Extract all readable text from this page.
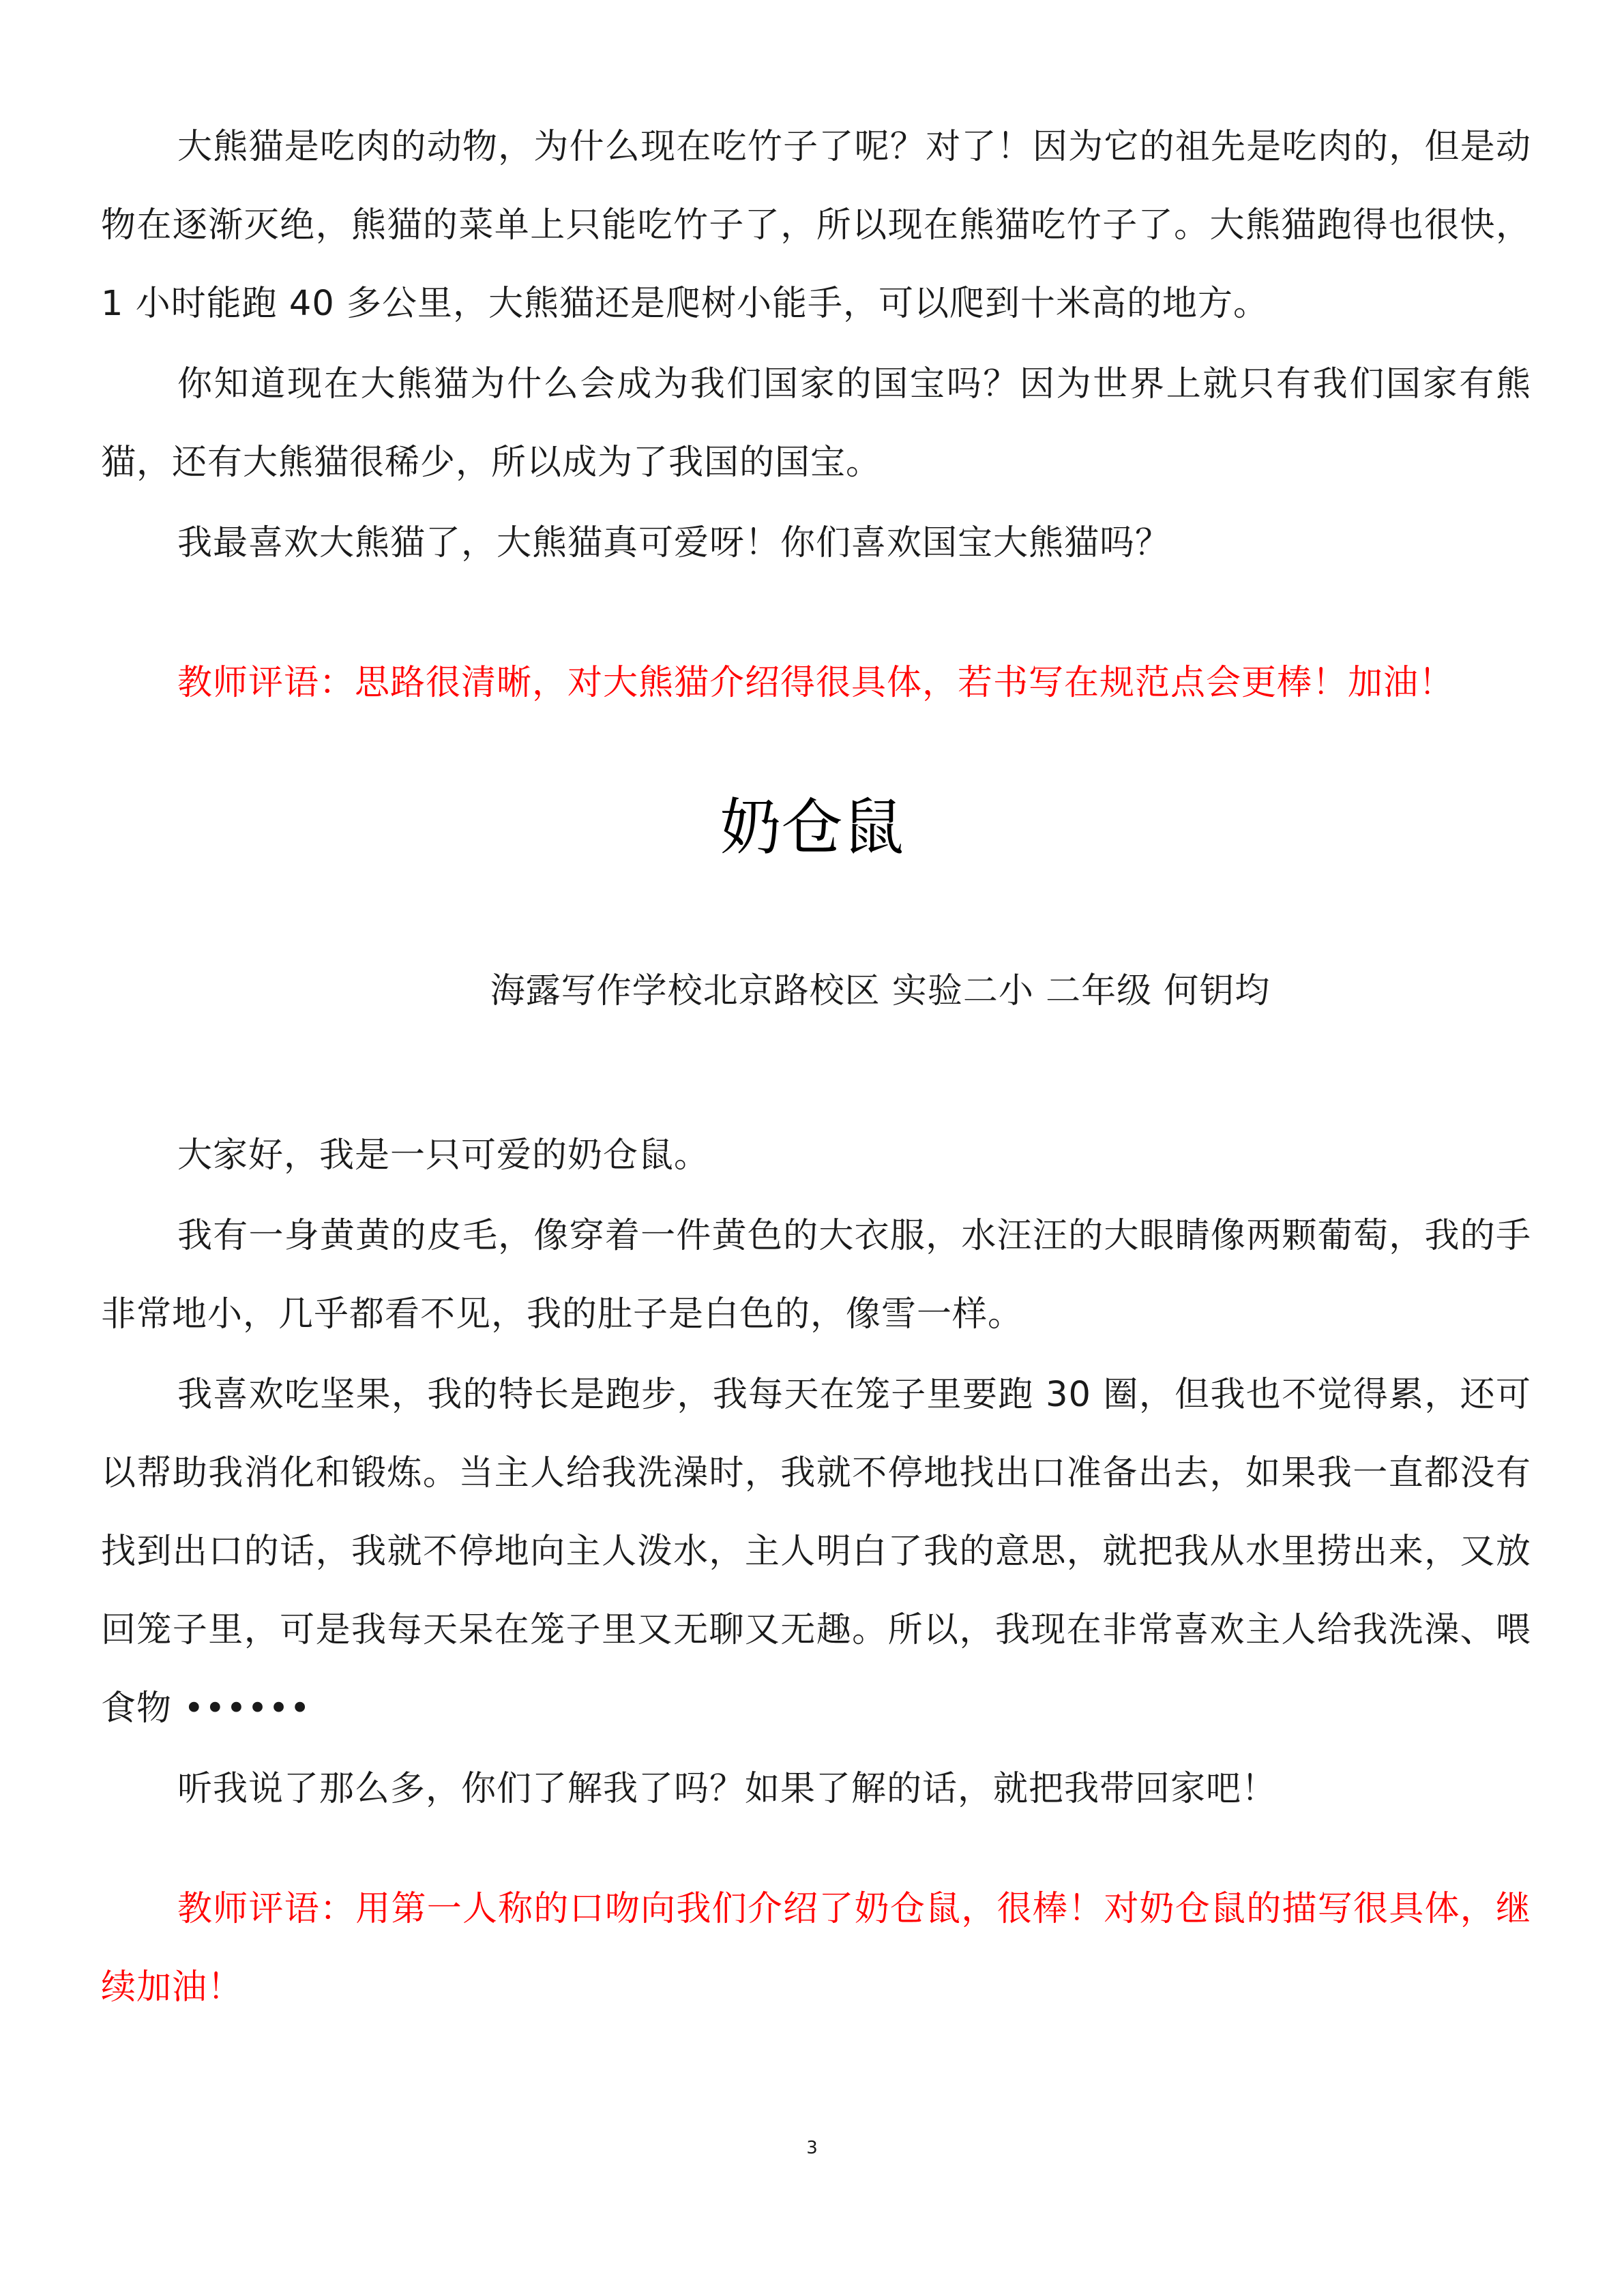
大熊猫是吃肉的动物，为什么现在吃竹子了呢？对了！因为它的祖先是吃肉的，但是动物在逐渐灭绝，熊猫的菜单上只能吃竹子了，所以现在熊猫吃竹子了。大熊猫跑得也很快，1 小时能跑 40 多公里，大熊猫还是爬树小能手，可以爬到十米高的地方。

你知道现在大熊猫为什么会成为我们国家的国宝吗？因为世界上就只有我们国家有熊猫，还有大熊猫很稀少，所以成为了我国的国宝。

我最喜欢大熊猫了，大熊猫真可爱呀！你们喜欢国宝大熊猫吗？

教师评语：思路很清晰，对大熊猫介绍得很具体，若书写在规范点会更棒！加油！

奶仓鼠

海露写作学校北京路校区 实验二小 二年级 何钥均

大家好，我是一只可爱的奶仓鼠。

我有一身黄黄的皮毛，像穿着一件黄色的大衣服，水汪汪的大眼睛像两颗葡萄，我的手非常地小，几乎都看不见，我的肚子是白色的，像雪一样。

我喜欢吃坚果，我的特长是跑步，我每天在笼子里要跑 30 圈，但我也不觉得累，还可以帮助我消化和锻炼。当主人给我洗澡时，我就不停地找出口准备出去，如果我一直都没有找到出口的话，我就不停地向主人泼水，主人明白了我的意思，就把我从水里捞出来，又放回笼子里，可是我每天呆在笼子里又无聊又无趣。所以，我现在非常喜欢主人给我洗澡、喂食物 ••••••

听我说了那么多，你们了解我了吗？如果了解的话，就把我带回家吧！

教师评语：用第一人称的口吻向我们介绍了奶仓鼠，很棒！对奶仓鼠的描写很具体，继续加油！

3
